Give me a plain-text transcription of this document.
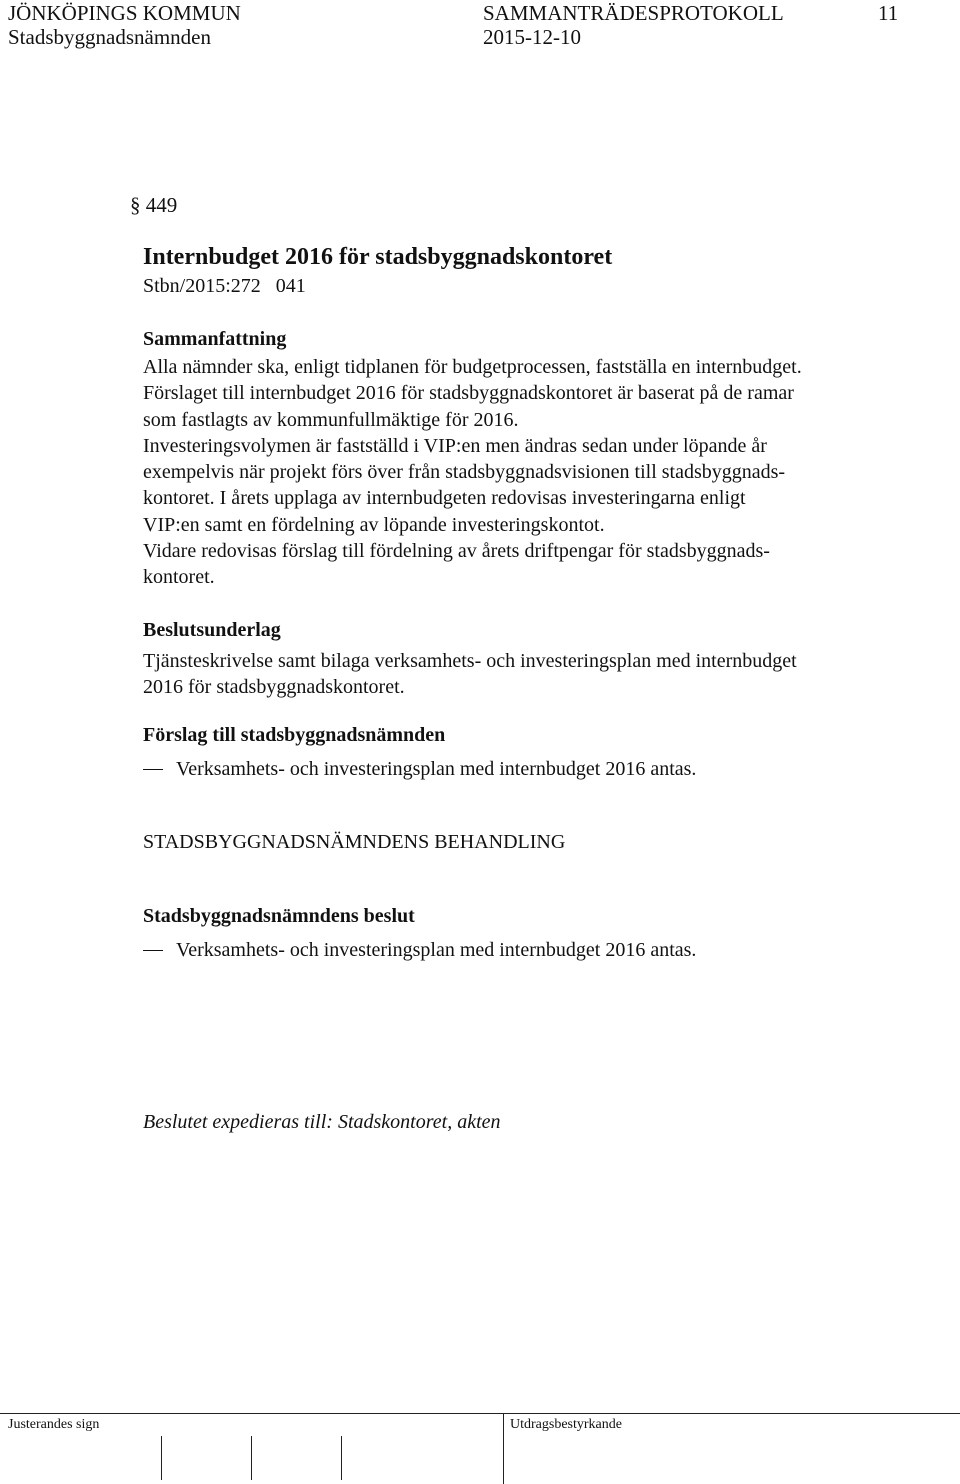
JÖNKÖPINGS KOMMUN
Stadsbyggnadsnämnden
SAMMANTRÄDESPROTOKOLL
2015-12-10
11
§ 449
Internbudget 2016 för stadsbyggnadskontoret
Stbn/2015:272   041
Sammanfattning
Alla nämnder ska, enligt tidplanen för budgetprocessen, fastställa en internbudget.
Förslaget till internbudget 2016 för stadsbyggnadskontoret är baserat på de ramar
som fastlagts av kommunfullmäktige för 2016.
Investeringsvolymen är fastställd i VIP:en men ändras sedan under löpande år
exempelvis när projekt förs över från stadsbyggnadsvisionen till stadsbyggnads-
kontoret. I årets upplaga av internbudgeten redovisas investeringarna enligt
VIP:en samt en fördelning av löpande investeringskontot.
Vidare redovisas förslag till fördelning av årets driftpengar för stadsbyggnads-
kontoret.
Beslutsunderlag
Tjänsteskrivelse samt bilaga verksamhets- och investeringsplan med internbudget
2016 för stadsbyggnadskontoret.
Förslag till stadsbyggnadsnämnden
Verksamhets- och investeringsplan med internbudget 2016 antas.
STADSBYGGNADSNÄMNDENS BEHANDLING
Stadsbyggnadsnämndens beslut
Verksamhets- och investeringsplan med internbudget 2016 antas.
Beslutet expedieras till: Stadskontoret, akten
Justerandes sign	Utdragsbestyrkande
